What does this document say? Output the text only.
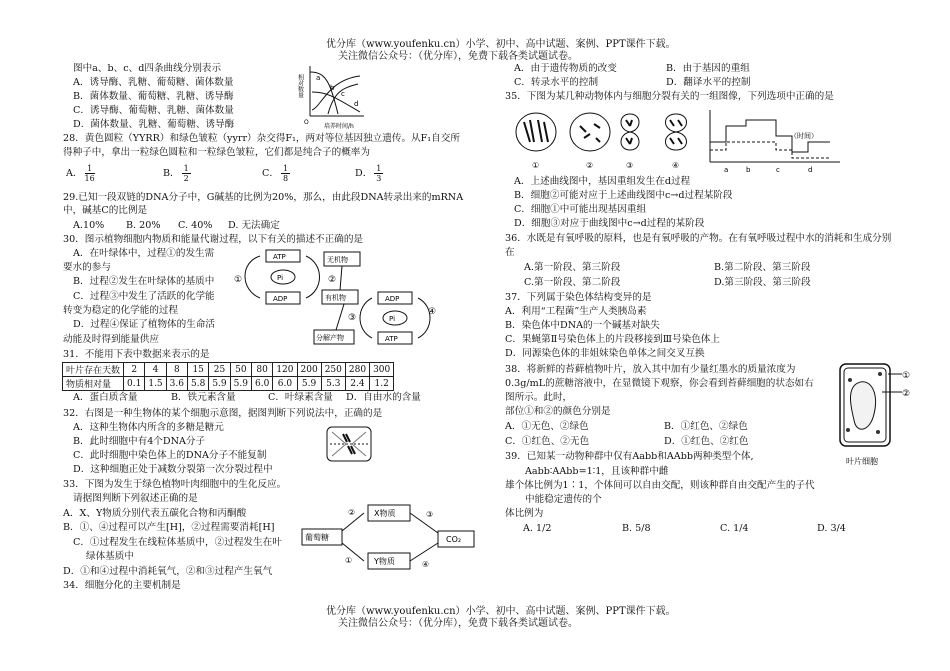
优分库（www.youfenku.cn）小学、初中、高中试题、案例、PPT课件下载。
关注微信公众号：（优分库），免费下载各类试题试卷。
优分库（www.youfenku.cn）小学、初中、高中试题、案例、PPT课件下载。
关注微信公众号：（优分库），免费下载各类试题试卷。
图中a、b、c、d四条曲线分别表示
A．诱导酶、乳糖、葡萄糖、菌体数量
B．菌体数量、葡萄糖、乳糖、诱导酶
C．诱导酶、葡萄糖、乳糖、菌体数量
D．菌体数量、乳糖、葡萄糖、诱导酶
相对数量
O
培养时间/h
a
b
c
d
28．黄色圆粒（YYRR）和绿色皱粒（yyrr）杂交得F₁，两对等位基因独立遗传。从F₁自交所
得种子中，拿出一粒绿色圆粒和一粒绿色皱粒，它们都是纯合子的概率为
A． $\frac{1}{16}$	B． $\frac{1}{2}$	C． $\frac{1}{8}$	D． $\frac{1}{3}$
29.已知一段双链的DNA分子中，G碱基的比例为20%，那么，由此段DNA转录出来的mRNA
中，碱基C的比例是
A.10% B. 20% C. 40% D. 无法确定
30．图示植物细胞内物质和能量代谢过程，以下有关的描述不正确的是
A．在叶绿体中，过程①的发生需
要水的参与
B．过程②发生在叶绿体的基质中
C．过程③中发生了活跃的化学能
转变为稳定的化学能的过程
D．过程④保证了植物体的生命活
动能及时得到能量供应
ATP
ADP
Pi
①
无机物
有机物
②
ADP
ATP
Pi
④
分解产物
③
31．不能用下表中数据来表示的是
叶片存在天数	2	4	8	15	25	50	80	120	200	250	280	300
物质相对量	0.1	1.5	3.6	5.8	5.9	5.9	6.0	6.0	5.9	5.3	2.4	1.2
A．蛋白质含量	B．铁元素含量	C．叶绿素含量 D．自由水的含量
32．右图是一种生物体的某个细胞示意图，据图判断下列说法中，正确的是
A．这种生物体内所含的多糖是糖元
B．此时细胞中有4个DNA分子
C．此时细胞中染色体上的DNA分子不能复制
D．这种细胞正处于减数分裂第一次分裂过程中
33．下图为发生于绿色植物叶肉细胞中的生化反应。
请据图判断下列叙述正确的是
A．X、Y物质分别代表五碳化合物和丙酮酸
B．①、④过程可以产生[H]，②过程需要消耗[H]
C．①过程发生在线粒体基质中，②过程发生在叶
绿体基质中
D．①和④过程中消耗氧气，②和③过程产生氧气
34．细胞分化的主要机制是
葡萄糖
X物质
Y物质
CO₂
②
①
③
④
A．由于遗传物质的改变	B．由于基因的重组
C．转录水平的控制	D．翻译水平的控制
35．下图为某几种动物体内与细胞分裂有关的一组图像，下列选项中正确的是
①	②	③	④
（时间）
a	b	c	d
A．上述曲线图中，基因重组发生在d过程
B．细胞②可能对应于上述曲线图中c→d过程某阶段
C．细胞①中可能出现基因重组
D．细胞③对应于曲线图中c→d过程的某阶段
36．水既是有氧呼吸的原料，也是有氧呼吸的产物。在有氧呼吸过程中水的消耗和生成分别
在
A.第一阶段、第三阶段	B.第二阶段、第三阶段
C.第一阶段、第二阶段	D.第三阶段、第三阶段
37．下列属于染色体结构变异的是
A．利用“工程菌”生产人类胰岛素
B．染色体中DNA的一个碱基对缺失
C．果蝇第Ⅱ号染色体上的片段移接到Ⅲ号染色体上
D．同源染色体的非姐妹染色单体之间交叉互换
38．将新鲜的苔藓植物叶片，放入其中加有少量红墨水的质量浓度为
0.3g/mL的蔗糖溶液中，在显微镜下观察，你会看到苔藓细胞的状态如右
图所示。此时，
部位①和②的颜色分别是
A．①无色、②绿色	B．①红色、②绿色
C．①红色、②无色	D．①红色、②红色
①
②
叶片细胞
39．已知某一动物种群中仅有Aabb和AAbb两种类型个体,
Aabb∶AAbb=1∶1，且该种群中雌
雄个体比例为1∶1，个体间可以自由交配，则该种群自由交配产生的子代
中能稳定遗传的个
体比例为
A. 1/2	B. 5/8	C. 1/4	D. 3/4
